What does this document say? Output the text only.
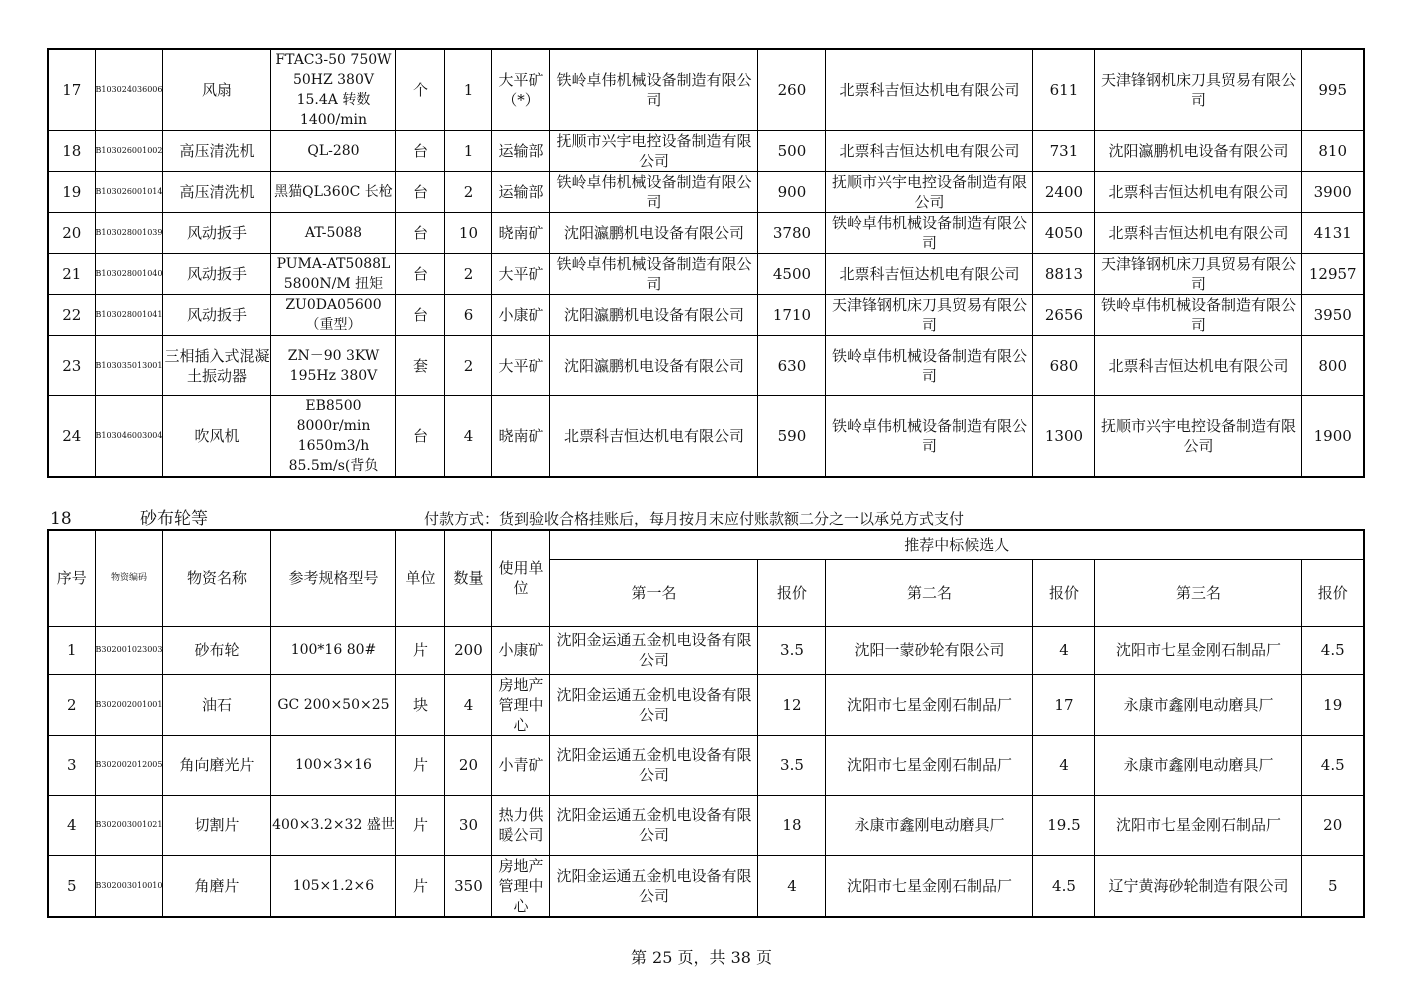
17	B103024036006	风扇	FTAC3-50 750W 50HZ 380V 15.4A 转数1400/min	个	1	大平矿（*）	铁岭卓伟机械设备制造有限公司	260	北票科吉恒达机电有限公司	611	天津锋钢机床刀具贸易有限公司	995
18	B103026001002	高压清洗机	QL-280	台	1	运输部	抚顺市兴宇电控设备制造有限公司	500	北票科吉恒达机电有限公司	731	沈阳瀛鹏机电设备有限公司	810
19	B103026001014	高压清洗机	黑猫QL360C 长枪	台	2	运输部	铁岭卓伟机械设备制造有限公司	900	抚顺市兴宇电控设备制造有限公司	2400	北票科吉恒达机电有限公司	3900
20	B103028001039	风动扳手	AT-5088	台	10	晓南矿	沈阳瀛鹏机电设备有限公司	3780	铁岭卓伟机械设备制造有限公司	4050	北票科吉恒达机电有限公司	4131
21	B103028001040	风动扳手	PUMA-AT5088L 5800N/M 扭矩	台	2	大平矿	铁岭卓伟机械设备制造有限公司	4500	北票科吉恒达机电有限公司	8813	天津锋钢机床刀具贸易有限公司	12957
22	B103028001041	风动扳手	ZU0DA05600（重型）	台	6	小康矿	沈阳瀛鹏机电设备有限公司	1710	天津锋钢机床刀具贸易有限公司	2656	铁岭卓伟机械设备制造有限公司	3950
23	B103035013001	三相插入式混凝土振动器	ZN－90 3KW 195Hz 380V	套	2	大平矿	沈阳瀛鹏机电设备有限公司	630	铁岭卓伟机械设备制造有限公司	680	北票科吉恒达机电有限公司	800
24	B103046003004	吹风机	EB8500 8000r/min 1650m3/h 85.5m/s(背负	台	4	晓南矿	北票科吉恒达机电有限公司	590	铁岭卓伟机械设备制造有限公司	1300	抚顺市兴宇电控设备制造有限公司	1900
18	砂布轮等	付款方式：货到验收合格挂账后，每月按月末应付账款额二分之一以承兑方式支付
序号	物资编码	物资名称	参考规格型号	单位	数量	使用单位	推荐中标候选人					
							第一名	报价	第二名	报价	第三名	报价
1	B302001023003	砂布轮	100*16 80#	片	200	小康矿	沈阳金运通五金机电设备有限公司	3.5	沈阳一蒙砂轮有限公司	4	沈阳市七星金刚石制品厂	4.5
2	B302002001001	油石	GC 200×50×25	块	4	房地产管理中心	沈阳金运通五金机电设备有限公司	12	沈阳市七星金刚石制品厂	17	永康市鑫刚电动磨具厂	19
3	B302002012005	角向磨光片	100×3×16	片	20	小青矿	沈阳金运通五金机电设备有限公司	3.5	沈阳市七星金刚石制品厂	4	永康市鑫刚电动磨具厂	4.5
4	B302003001021	切割片	400×3.2×32 盛世	片	30	热力供暖公司	沈阳金运通五金机电设备有限公司	18	永康市鑫刚电动磨具厂	19.5	沈阳市七星金刚石制品厂	20
5	B302003010010	角磨片	105×1.2×6	片	350	房地产管理中心	沈阳金运通五金机电设备有限公司	4	沈阳市七星金刚石制品厂	4.5	辽宁黄海砂轮制造有限公司	5
第 25 页，共 38 页
